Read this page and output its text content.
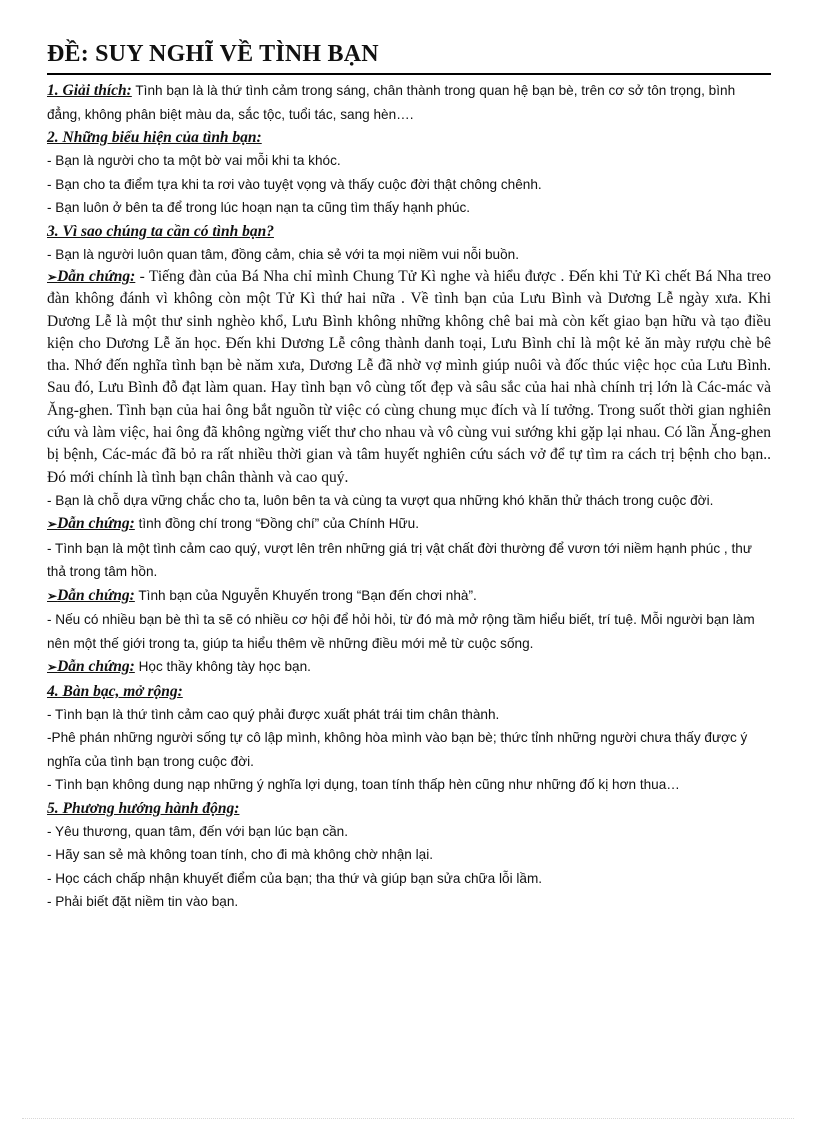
ĐỀ: SUY NGHĨ VỀ TÌNH BẠN

1. Giải thích: Tình bạn là là thứ tình cảm trong sáng, chân thành trong quan hệ bạn bè, trên cơ sở tôn trọng, bình đẳng, không phân biệt màu da, sắc tộc, tuổi tác, sang hèn….

2. Những biểu hiện của tình bạn:

- Bạn là người cho ta một bờ vai mỗi khi ta khóc.

- Bạn cho ta điểm tựa khi ta rơi vào tuyệt vọng và thấy cuộc đời thật chông chênh.

- Bạn luôn ở bên ta để trong lúc hoạn nạn ta cũng tìm thấy hạnh phúc.

3. Vì sao chúng ta cần có tình bạn?

- Bạn là người luôn quan tâm, đồng cảm, chia sẻ với ta mọi niềm vui nỗi buồn.

➢Dẫn chứng: - Tiếng đàn của Bá Nha chỉ mình Chung Tử Kì nghe và hiểu được . Đến khi Tử Kì chết Bá Nha treo đàn không đánh vì không còn một Tử Kì thứ hai nữa . Về tình bạn của Lưu Bình và Dương Lễ ngày xưa. Khi Dương Lễ là một thư sinh nghèo khổ, Lưu Bình không những không chê bai mà còn kết giao bạn hữu và tạo điều kiện cho Dương Lễ ăn học. Đến khi Dương Lễ công thành danh toại, Lưu Bình chỉ là một kẻ ăn mày rượu chè bê tha. Nhớ đến nghĩa tình bạn bè năm xưa, Dương Lễ đã nhờ vợ mình giúp nuôi và đốc thúc việc học của Lưu Bình. Sau đó, Lưu Bình đỗ đạt làm quan. Hay tình bạn vô cùng tốt đẹp và sâu sắc của hai nhà chính trị lớn là Các-mác và Ăng-ghen. Tình bạn của hai ông bắt nguồn từ việc có cùng chung mục đích và lí tưởng. Trong suốt thời gian nghiên cứu và làm việc, hai ông đã không ngừng viết thư cho nhau và vô cùng vui sướng khi gặp lại nhau. Có lần Ăng-ghen bị bệnh, Các-mác đã bỏ ra rất nhiều thời gian và tâm huyết nghiên cứu sách vở để tự tìm ra cách trị bệnh cho bạn.. Đó mới chính là tình bạn chân thành và cao quý.

- Bạn là chỗ dựa vững chắc cho ta, luôn bên ta và cùng ta vượt qua những khó khăn thử thách trong cuộc đời.

➢Dẫn chứng: tình đồng chí trong “Đồng chí” của Chính Hữu.

- Tình bạn là một tình cảm cao quý, vượt lên trên những giá trị vật chất đời thường để vươn tới niềm hạnh phúc , thư thả trong tâm hồn.

➢Dẫn chứng: Tình bạn của Nguyễn Khuyến trong “Bạn đến chơi nhà”.

- Nếu có nhiều bạn bè thì ta sẽ có nhiều cơ hội để hỏi hỏi, từ đó mà mở rộng tầm hiểu biết, trí tuệ. Mỗi người bạn làm nên một thế giới trong ta, giúp ta hiểu thêm về những điều mới mẻ từ cuộc sống.

➢Dẫn chứng: Học thầy không tày học bạn.

4. Bàn bạc, mở rộng:

- Tình bạn là thứ tình cảm cao quý phải được xuất phát trái tim chân thành.

-Phê phán những người sống tự cô lập mình, không hòa mình vào bạn bè; thức tỉnh những người chưa thấy được ý nghĩa của tình bạn trong cuộc đời.

- Tình bạn không dung nạp những ý nghĩa lợi dụng, toan tính thấp hèn cũng như những đố kị hơn thua…

5. Phương hướng hành động:

- Yêu thương, quan tâm, đến với bạn lúc bạn cần.

- Hãy san sẻ mà không toan tính, cho đi mà không chờ nhận lại.

- Học cách chấp nhận khuyết điểm của bạn; tha thứ và giúp bạn sửa chữa lỗi lầm.

- Phải biết đặt niềm tin vào bạn.
